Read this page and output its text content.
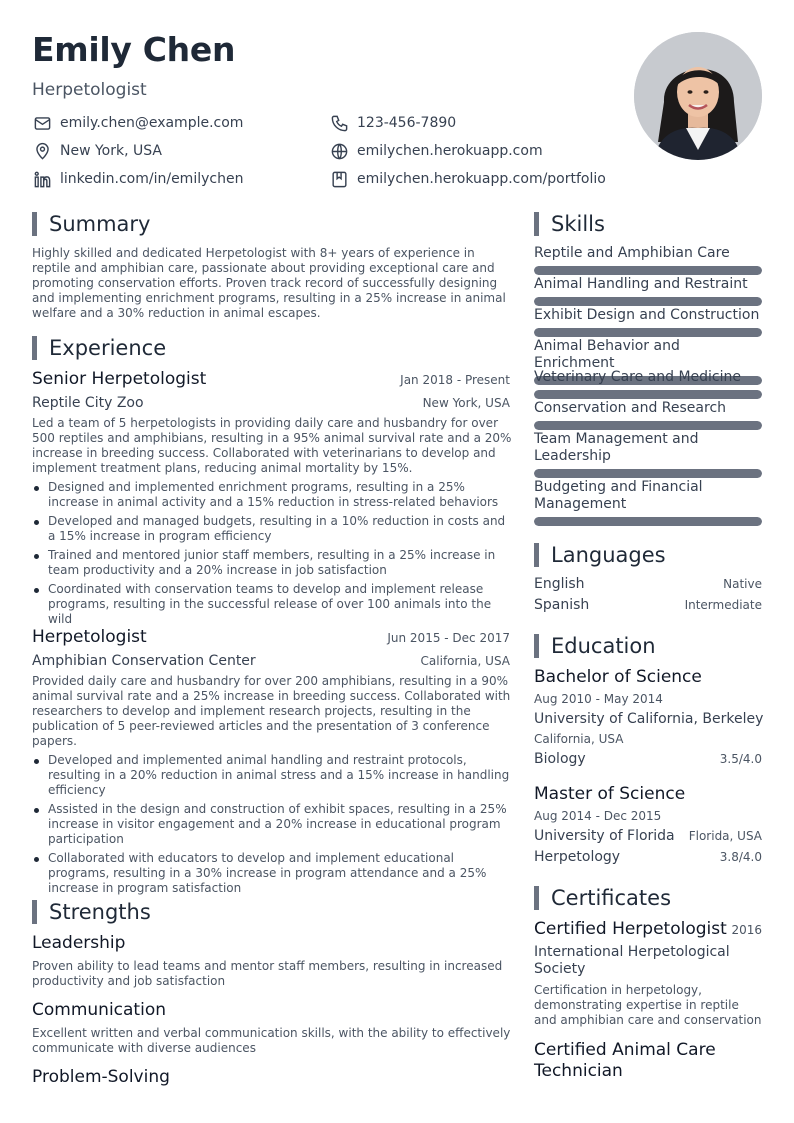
Emily Chen
Herpetologist
emily.chen@example.com	123-456-7890
New York, USA	emilychen.herokuapp.com
linkedin.com/in/emilychen	emilychen.herokuapp.com/portfolio
Summary
Highly skilled and dedicated Herpetologist with 8+ years of experience in reptile and amphibian care, passionate about providing exceptional care and promoting conservation efforts. Proven track record of successfully designing and implementing enrichment programs, resulting in a 25% increase in animal welfare and a 30% reduction in animal escapes.
Experience
Senior Herpetologist	Jan 2018 - Present
Reptile City Zoo	New York, USA
Led a team of 5 herpetologists in providing daily care and husbandry for over 500 reptiles and amphibians, resulting in a 95% animal survival rate and a 20% increase in breeding success. Collaborated with veterinarians to develop and implement treatment plans, reducing animal mortality by 15%.
Designed and implemented enrichment programs, resulting in a 25% increase in animal activity and a 15% reduction in stress-related behaviors
Developed and managed budgets, resulting in a 10% reduction in costs and a 15% increase in program efficiency
Trained and mentored junior staff members, resulting in a 25% increase in team productivity and a 20% increase in job satisfaction
Coordinated with conservation teams to develop and implement release programs, resulting in the successful release of over 100 animals into the wild
Herpetologist	Jun 2015 - Dec 2017
Amphibian Conservation Center	California, USA
Provided daily care and husbandry for over 200 amphibians, resulting in a 90% animal survival rate and a 25% increase in breeding success. Collaborated with researchers to develop and implement research projects, resulting in the publication of 5 peer-reviewed articles and the presentation of 3 conference papers.
Developed and implemented animal handling and restraint protocols, resulting in a 20% reduction in animal stress and a 15% increase in handling efficiency
Assisted in the design and construction of exhibit spaces, resulting in a 25% increase in visitor engagement and a 20% increase in educational program participation
Collaborated with educators to develop and implement educational programs, resulting in a 30% increase in program attendance and a 25% increase in program satisfaction
Strengths
Leadership
Proven ability to lead teams and mentor staff members, resulting in increased productivity and job satisfaction
Communication
Excellent written and verbal communication skills, with the ability to effectively communicate with diverse audiences
Problem-Solving
Skills
Reptile and Amphibian Care
Animal Handling and Restraint
Exhibit Design and Construction
Animal Behavior and Enrichment
Veterinary Care and Medicine
Conservation and Research
Team Management and Leadership
Budgeting and Financial Management
Languages
English	Native
Spanish	Intermediate
Education
Bachelor of Science
Aug 2010 - May 2014
University of California, Berkeley
California, USA
Biology	3.5/4.0
Master of Science
Aug 2014 - Dec 2015
University of Florida Florida, USA
Herpetology	3.8/4.0
Certificates
Certified Herpetologist 2016
International Herpetological Society
Certification in herpetology, demonstrating expertise in reptile and amphibian care and conservation
Certified Animal Care Technician
